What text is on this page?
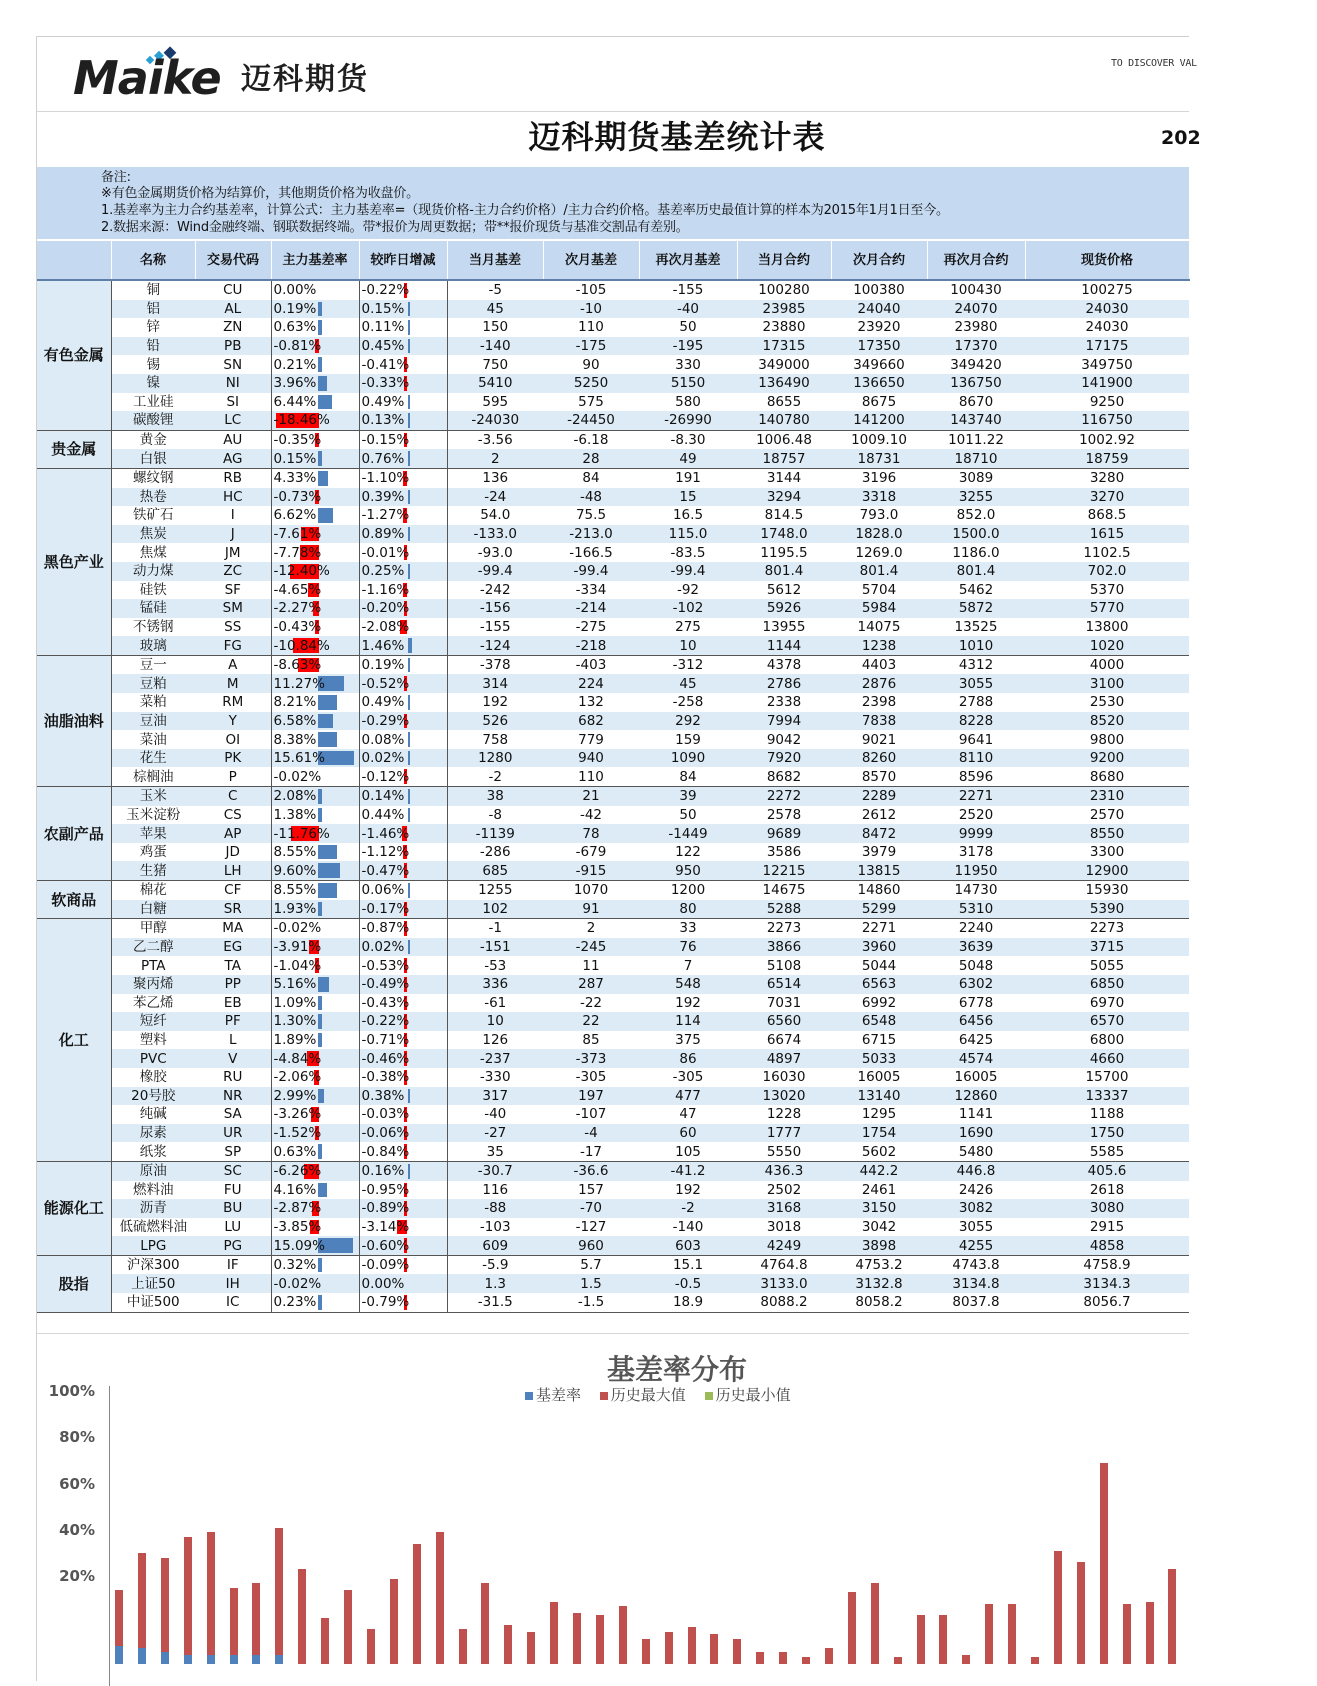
Maike 迈科期货	TO DISCOVER VAL
迈科期货基差统计表	202
备注:
※有色金属期货价格为结算价，其他期货价格为收盘价。
1.基差率为主力合约基差率，计算公式：主力基差率=（现货价格-主力合约价格）/主力合约价格。基差率历史最值计算的样本为2015年1月1日至今。
2.数据来源：Wind金融终端、钢联数据终端。带*报价为周更数据；带**报价现货与基准交割品有差别。
	名称	交易代码	主力基差率	较昨日增减	当月基差	次月基差	再次月基差	当月合约	次月合约	再次月合约	现货价格
有色金属	铜	CU	0.00%	-0.22%	-5	-105	-155	100280	100380	100430	100275
	铝	AL	0.19%	0.15%	45	-10	-40	23985	24040	24070	24030
	锌	ZN	0.63%	0.11%	150	110	50	23880	23920	23980	24030
	铅	PB	-0.81%	0.45%	-140	-175	-195	17315	17350	17370	17175
	锡	SN	0.21%	-0.41%	750	90	330	349000	349660	349420	349750
	镍	NI	3.96%	-0.33%	5410	5250	5150	136490	136650	136750	141900
	工业硅	SI	6.44%	0.49%	595	575	580	8655	8675	8670	9250
	碳酸锂	LC	-18.46%	0.13%	-24030	-24450	-26990	140780	141200	143740	116750
贵金属	黄金	AU	-0.35%	-0.15%	-3.56	-6.18	-8.30	1006.48	1009.10	1011.22	1002.92
	白银	AG	0.15%	0.76%	2	28	49	18757	18731	18710	18759
黑色产业	螺纹钢	RB	4.33%	-1.10%	136	84	191	3144	3196	3089	3280
	热卷	HC	-0.73%	0.39%	-24	-48	15	3294	3318	3255	3270
	铁矿石	I	6.62%	-1.27%	54.0	75.5	16.5	814.5	793.0	852.0	868.5
	焦炭	J	-7.61%	0.89%	-133.0	-213.0	115.0	1748.0	1828.0	1500.0	1615
	焦煤	JM	-7.78%	-0.01%	-93.0	-166.5	-83.5	1195.5	1269.0	1186.0	1102.5
	动力煤	ZC	-12.40%	0.25%	-99.4	-99.4	-99.4	801.4	801.4	801.4	702.0
	硅铁	SF	-4.65%	-1.16%	-242	-334	-92	5612	5704	5462	5370
	锰硅	SM	-2.27%	-0.20%	-156	-214	-102	5926	5984	5872	5770
	不锈钢	SS	-0.43%	-2.08%	-155	-275	275	13955	14075	13525	13800
	玻璃	FG	-10.84%	1.46%	-124	-218	10	1144	1238	1010	1020
油脂油料	豆一	A	-8.63%	0.19%	-378	-403	-312	4378	4403	4312	4000
	豆粕	M	11.27%	-0.52%	314	224	45	2786	2876	3055	3100
	菜粕	RM	8.21%	0.49%	192	132	-258	2338	2398	2788	2530
	豆油	Y	6.58%	-0.29%	526	682	292	7994	7838	8228	8520
	菜油	OI	8.38%	0.08%	758	779	159	9042	9021	9641	9800
	花生	PK	15.61%	0.02%	1280	940	1090	7920	8260	8110	9200
	棕榈油	P	-0.02%	-0.12%	-2	110	84	8682	8570	8596	8680
农副产品	玉米	C	2.08%	0.14%	38	21	39	2272	2289	2271	2310
	玉米淀粉	CS	1.38%	0.44%	-8	-42	50	2578	2612	2520	2570
	苹果	AP	-11.76%	-1.46%	-1139	78	-1449	9689	8472	9999	8550
	鸡蛋	JD	8.55%	-1.12%	-286	-679	122	3586	3979	3178	3300
	生猪	LH	9.60%	-0.47%	685	-915	950	12215	13815	11950	12900
软商品	棉花	CF	8.55%	0.06%	1255	1070	1200	14675	14860	14730	15930
	白糖	SR	1.93%	-0.17%	102	91	80	5288	5299	5310	5390
化工	甲醇	MA	-0.02%	-0.87%	-1	2	33	2273	2271	2240	2273
	乙二醇	EG	-3.91%	0.02%	-151	-245	76	3866	3960	3639	3715
	PTA	TA	-1.04%	-0.53%	-53	11	7	5108	5044	5048	5055
	聚丙烯	PP	5.16%	-0.49%	336	287	548	6514	6563	6302	6850
	苯乙烯	EB	1.09%	-0.43%	-61	-22	192	7031	6992	6778	6970
	短纤	PF	1.30%	-0.22%	10	22	114	6560	6548	6456	6570
	塑料	L	1.89%	-0.71%	126	85	375	6674	6715	6425	6800
	PVC	V	-4.84%	-0.46%	-237	-373	86	4897	5033	4574	4660
	橡胶	RU	-2.06%	-0.38%	-330	-305	-305	16030	16005	16005	15700
	20号胶	NR	2.99%	0.38%	317	197	477	13020	13140	12860	13337
	纯碱	SA	-3.26%	-0.03%	-40	-107	47	1228	1295	1141	1188
	尿素	UR	-1.52%	-0.06%	-27	-4	60	1777	1754	1690	1750
	纸浆	SP	0.63%	-0.84%	35	-17	105	5550	5602	5480	5585
能源化工	原油	SC	-6.26%	0.16%	-30.7	-36.6	-41.2	436.3	442.2	446.8	405.6
	燃料油	FU	4.16%	-0.95%	116	157	192	2502	2461	2426	2618
	沥青	BU	-2.87%	-0.89%	-88	-70	-2	3168	3150	3082	3080
	低硫燃料油	LU	-3.85%	-3.14%	-103	-127	-140	3018	3042	3055	2915
	LPG	PG	15.09%	-0.60%	609	960	603	4249	3898	4255	4858
股指	沪深300	IF	0.32%	-0.09%	-5.9	5.7	15.1	4764.8	4753.2	4743.8	4758.9
	上证50	IH	-0.02%	0.00%	1.3	1.5	-0.5	3133.0	3132.8	3134.8	3134.3
	中证500	IC	0.23%	-0.79%	-31.5	-1.5	18.9	8088.2	8058.2	8037.8	8056.7
基差率分布
基差率 历史最大值 历史最小值
100%
80%
60%
40%
20%
